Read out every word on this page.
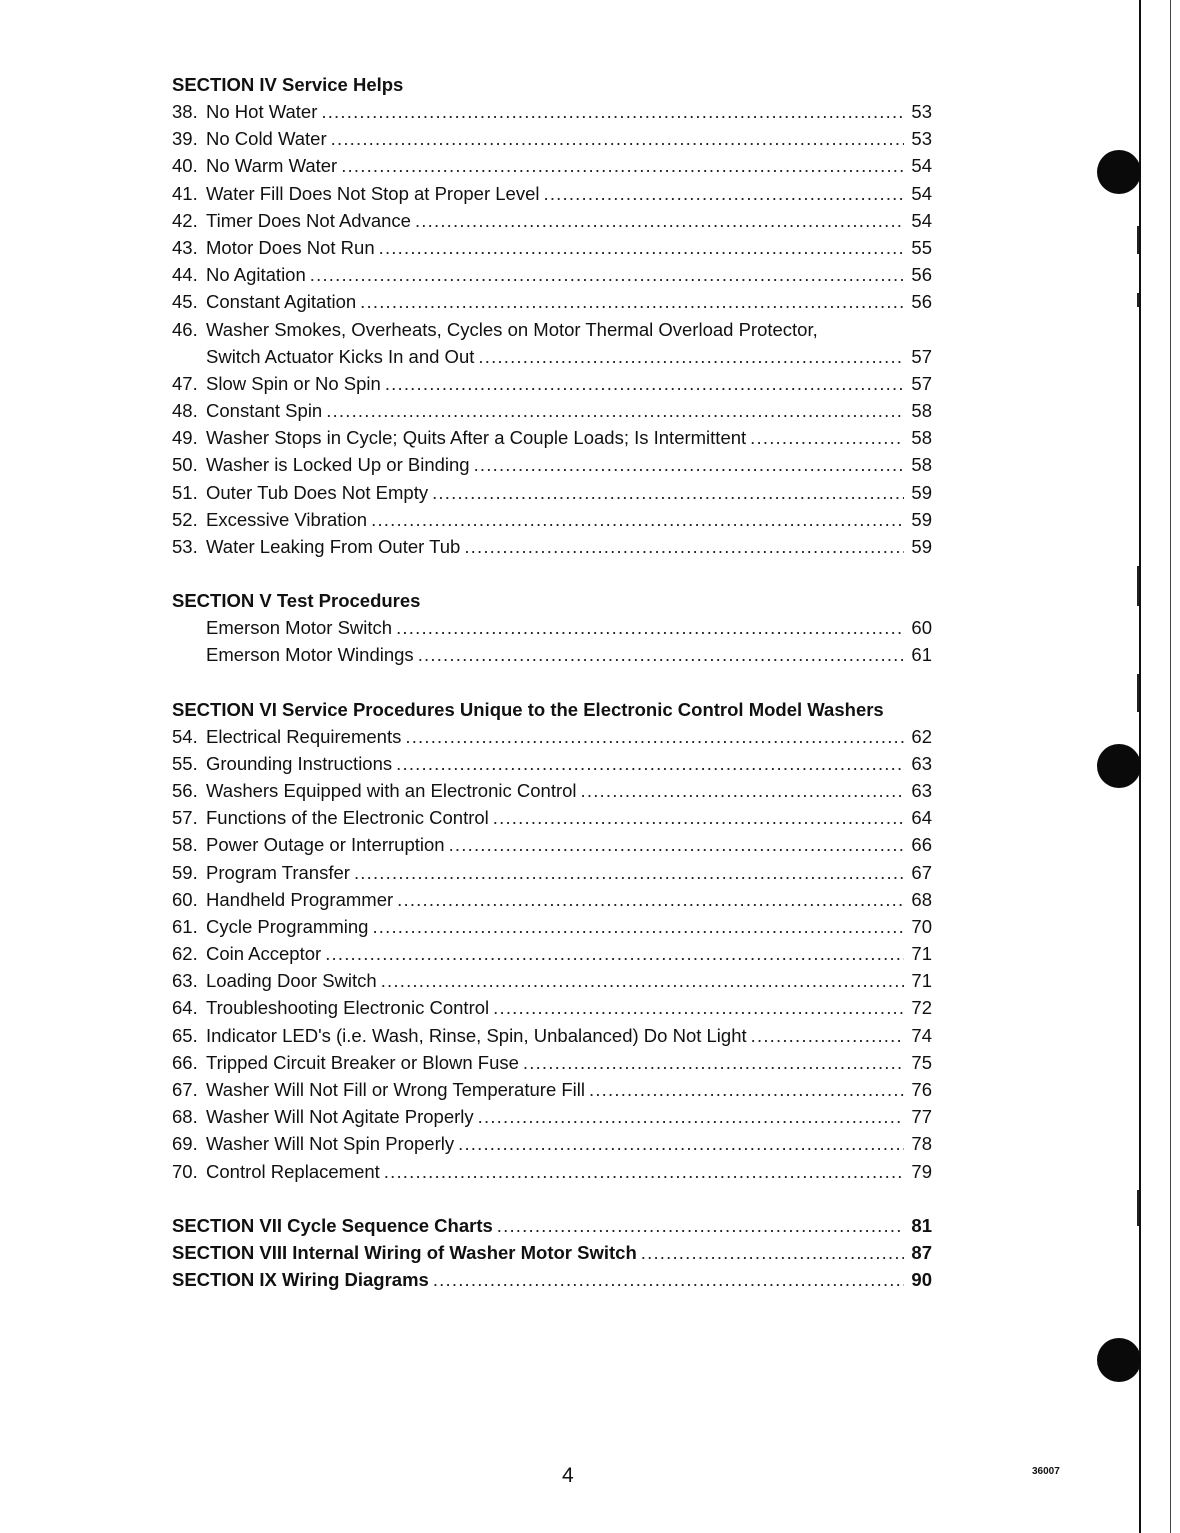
SECTION IV Service Helps
38. No Hot Water .....	53
39. No Cold Water .....	53
40. No Warm Water .....	54
41. Water Fill Does Not Stop at Proper Level .....	54
42. Timer Does Not Advance .....	54
43. Motor Does Not Run .....	55
44. No Agitation .....	56
45. Constant Agitation .....	56
46. Washer Smokes, Overheats, Cycles on Motor Thermal Overload Protector,
Switch Actuator Kicks In and Out .....	57
47. Slow Spin or No Spin .....	57
48. Constant Spin .....	58
49. Washer Stops in Cycle; Quits After a Couple Loads; Is Intermittent .....	58
50. Washer is Locked Up or Binding .....	58
51. Outer Tub Does Not Empty .....	59
52. Excessive Vibration .....	59
53. Water Leaking From Outer Tub .....	59
SECTION V Test Procedures
Emerson Motor Switch .....	60
Emerson Motor Windings .....	61
SECTION VI Service Procedures Unique to the Electronic Control Model Washers
54. Electrical Requirements .....	62
55. Grounding Instructions .....	63
56. Washers Equipped with an Electronic Control .....	63
57. Functions of the Electronic Control .....	64
58. Power Outage or Interruption .....	66
59. Program Transfer .....	67
60. Handheld Programmer .....	68
61. Cycle Programming .....	70
62. Coin Acceptor .....	71
63. Loading Door Switch .....	71
64. Troubleshooting Electronic Control .....	72
65. Indicator LED's (i.e. Wash, Rinse, Spin, Unbalanced) Do Not Light .....	74
66. Tripped Circuit Breaker or Blown Fuse .....	75
67. Washer Will Not Fill or Wrong Temperature Fill .....	76
68. Washer Will Not Agitate Properly .....	77
69. Washer Will Not Spin Properly .....	78
70. Control Replacement .....	79
SECTION VII Cycle Sequence Charts .....	81
SECTION VIII Internal Wiring of Washer Motor Switch .....	87
SECTION IX Wiring Diagrams .....	90
4	36007
